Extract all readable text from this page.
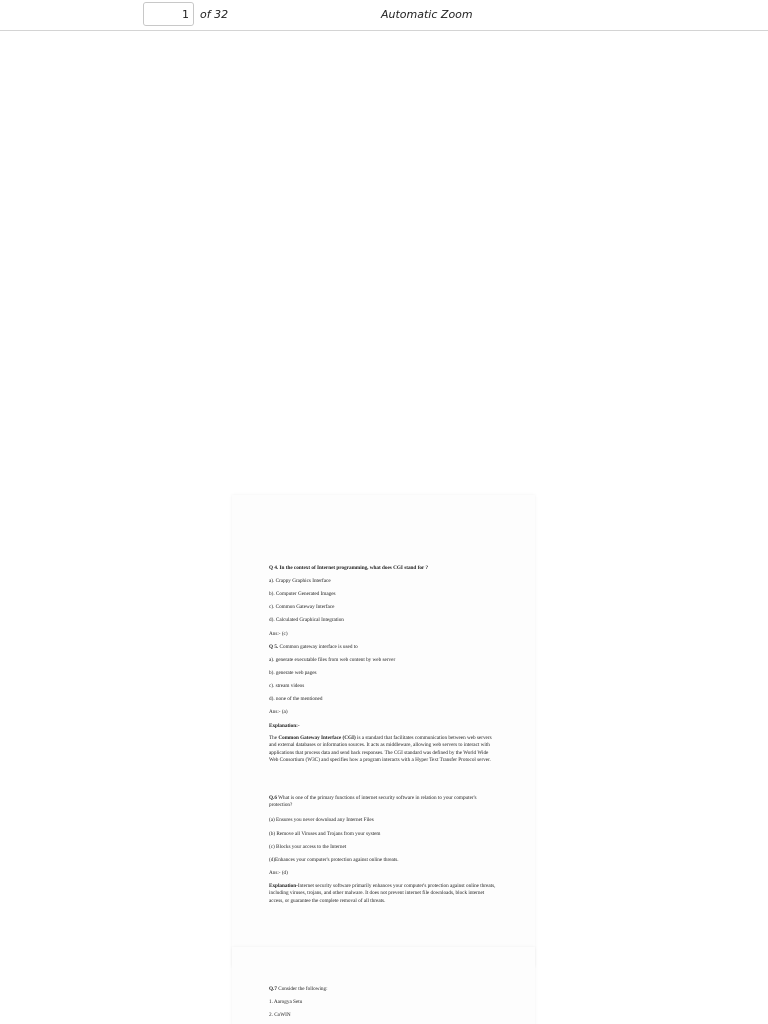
1
of 32	Automatic Zoom
Q 4. In the context of Internet programming, what does CGI stand for ?
a). Crappy Graphics Interface
b). Computer Generated Images
c). Common Gateway Interface
d). Calculated Graphical Integration
Ans:- (c)
Q 5. Common gateway interface is used to
a). generate executable files from web content by web server
b). generate web pages
c). stream videos
d). none of the mentioned
Ans:- (a)
Explanation:-
The Common Gateway Interface (CGI) is a standard that facilitates communication between web servers and external databases or information sources. It acts as middleware, allowing web servers to interact with applications that process data and send back responses. The CGI standard was defined by the World Wide Web Consortium (W3C) and specifies how a program interacts with a Hyper Text Transfer Protocol server.
Q.6 What is one of the primary functions of internet security software in relation to your computer's protection?
(a) Ensures you never download any Internet Files
(b) Remove all Viruses and Trojans from your system
(c) Blocks your access to the Internet
(d)Enhances your computer's protection against online threats.
Ans:- (d)
Explanation-Internet security software primarily enhances your computer's protection against online threats, including viruses, trojans, and other malware. It does not prevent internet file downloads, block internet access, or guarantee the complete removal of all threats.
Q.7 Consider the following:
1. Aarogya Setu
2. CoWIN
